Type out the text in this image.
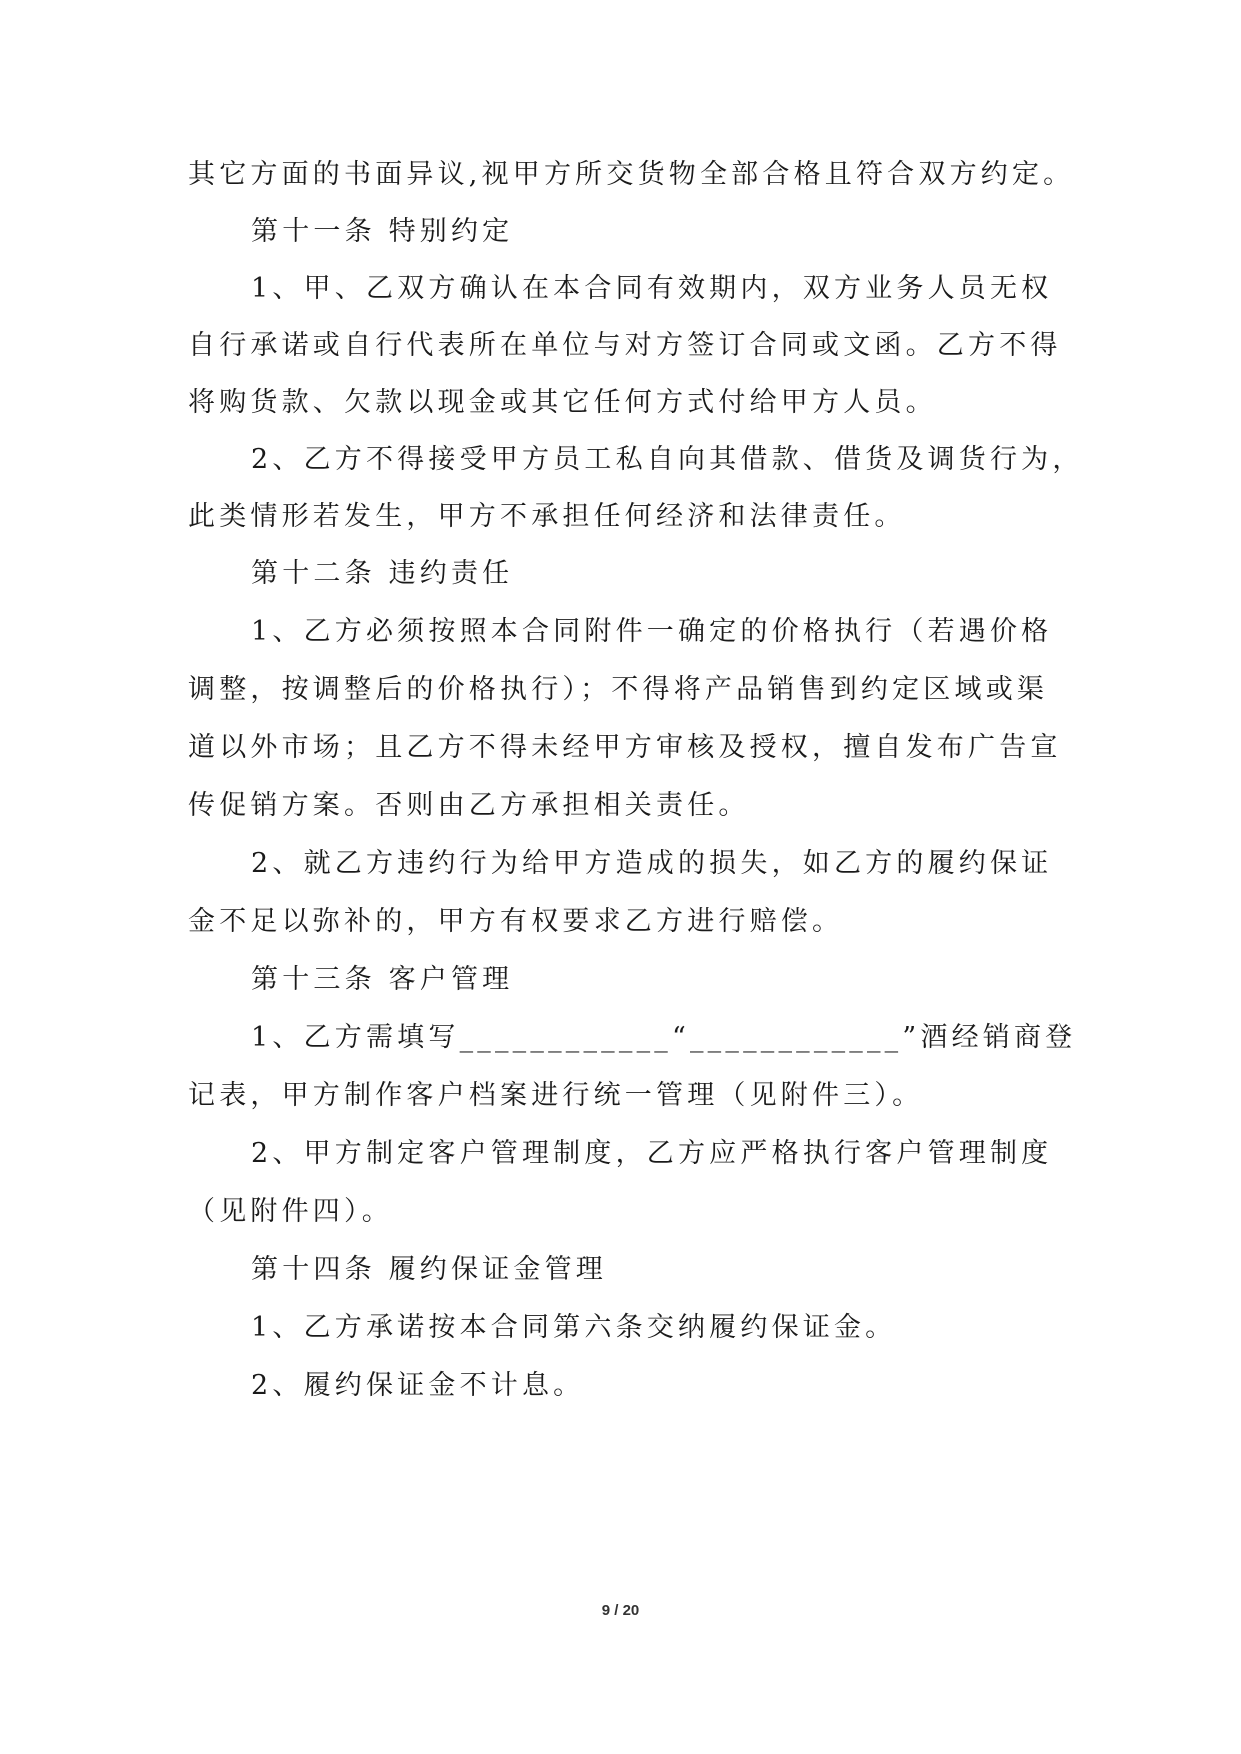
其它方面的书面异议,视甲方所交货物全部合格且符合双方约定。
第十一条 特别约定
1、甲、乙双方确认在本合同有效期内，双方业务人员无权
自行承诺或自行代表所在单位与对方签订合同或文函。乙方不得
将购货款、欠款以现金或其它任何方式付给甲方人员。
2、乙方不得接受甲方员工私自向其借款、借货及调货行为，
此类情形若发生，甲方不承担任何经济和法律责任。
第十二条 违约责任
1、乙方必须按照本合同附件一确定的价格执行（若遇价格
调整，按调整后的价格执行）；不得将产品销售到约定区域或渠
道以外市场；且乙方不得未经甲方审核及授权，擅自发布广告宣
传促销方案。否则由乙方承担相关责任。
2、就乙方违约行为给甲方造成的损失，如乙方的履约保证
金不足以弥补的，甲方有权要求乙方进行赔偿。
第十三条 客户管理
1、乙方需填写____________“____________”酒经销商登
记表，甲方制作客户档案进行统一管理（见附件三）。
2、甲方制定客户管理制度，乙方应严格执行客户管理制度
（见附件四）。
第十四条 履约保证金管理
1、乙方承诺按本合同第六条交纳履约保证金。
2、履约保证金不计息。
9 / 20
